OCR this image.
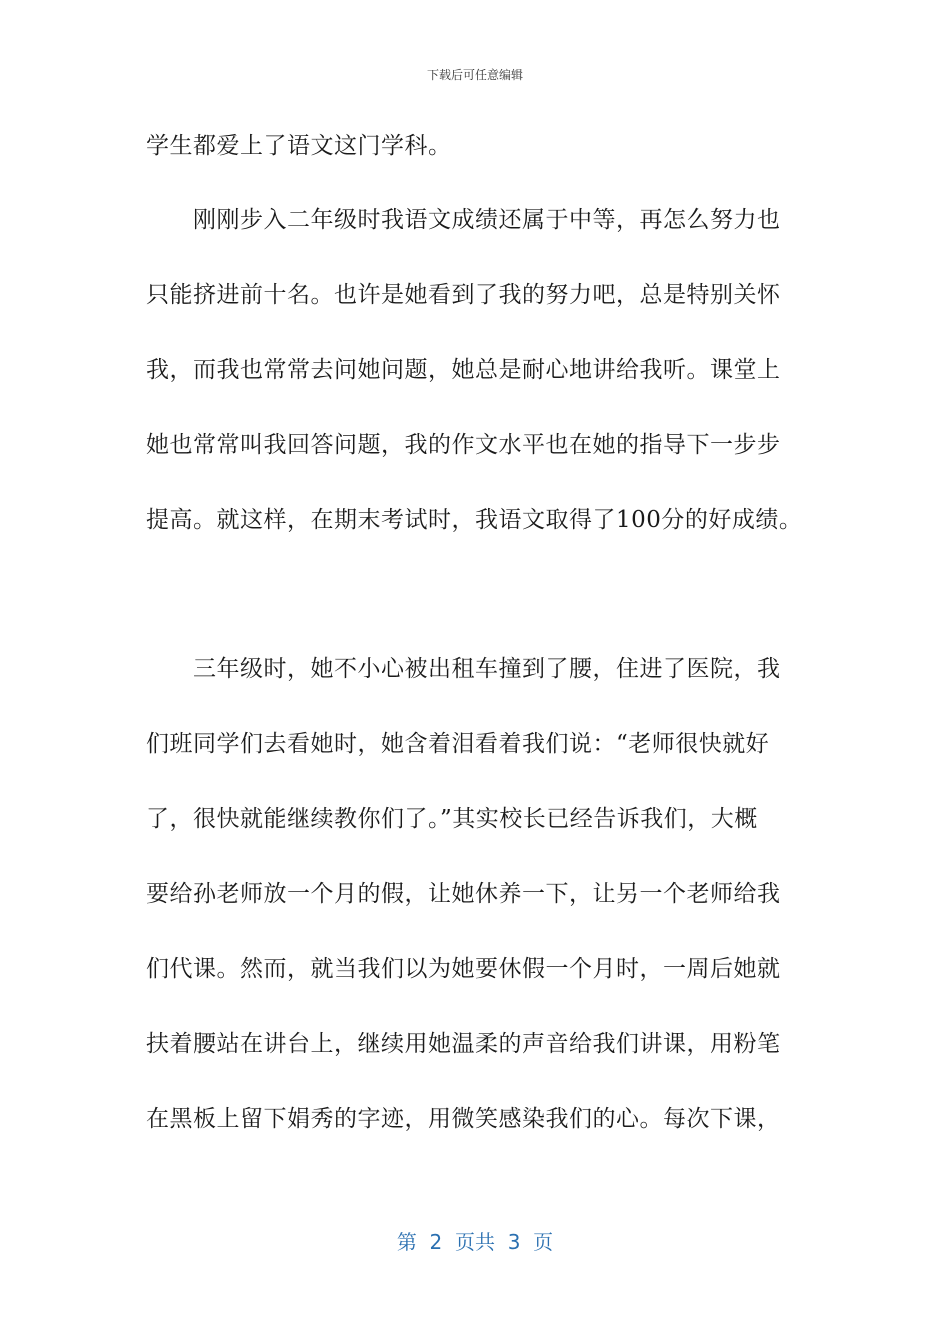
下载后可任意编辑
学生都爱上了语文这门学科。
　　刚刚步入二年级时我语文成绩还属于中等，再怎么努力也
只能挤进前十名。也许是她看到了我的努力吧，总是特别关怀
我，而我也常常去问她问题，她总是耐心地讲给我听。课堂上
她也常常叫我回答问题，我的作文水平也在她的指导下一步步
提高。就这样，在期末考试时，我语文取得了100分的好成绩。
　　三年级时，她不小心被出租车撞到了腰，住进了医院，我
们班同学们去看她时，她含着泪看着我们说：“老师很快就好
了，很快就能继续教你们了。”其实校长已经告诉我们，大概
要给孙老师放一个月的假，让她休养一下，让另一个老师给我
们代课。然而，就当我们以为她要休假一个月时，一周后她就
扶着腰站在讲台上，继续用她温柔的声音给我们讲课，用粉笔
在黑板上留下娟秀的字迹，用微笑感染我们的心。每次下课，
第  2  页共  3  页
